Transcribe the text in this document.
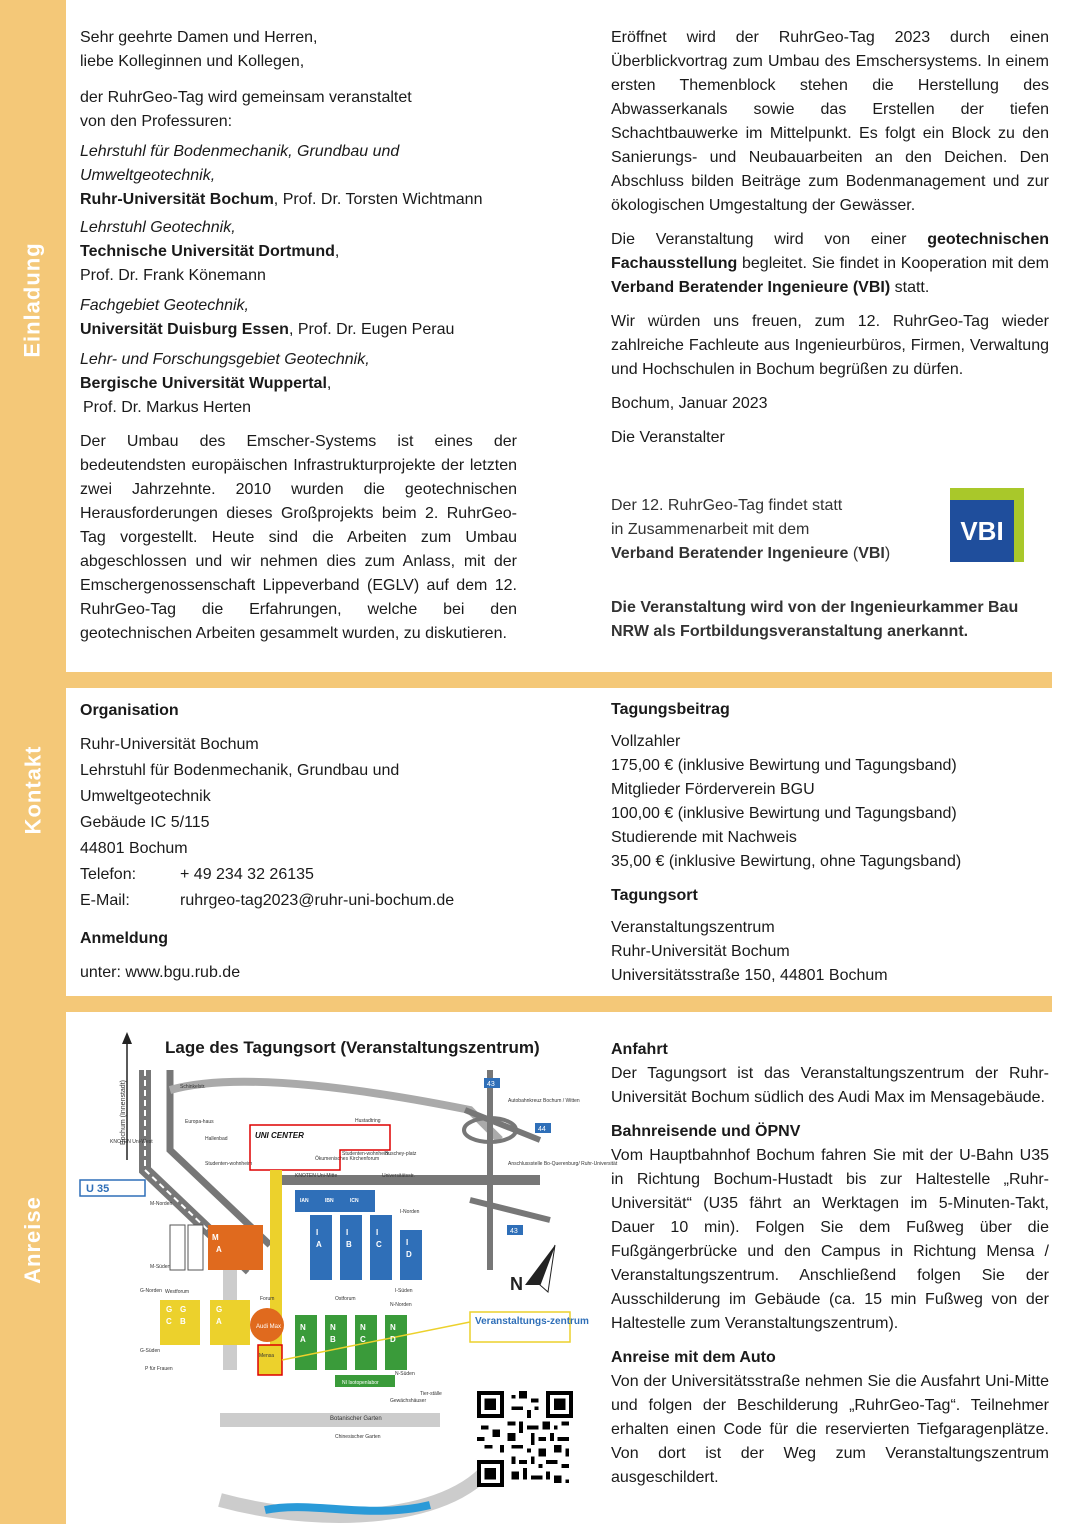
Einladung
Kontakt
Anreise

Sehr geehrte Damen und Herren,

liebe Kolleginnen und Kollegen,

der RuhrGeo-Tag wird gemeinsam veranstaltet

von den Professuren:

Lehrstuhl für Bodenmechanik, Grundbau und Umweltgeotechnik,

Ruhr-Universität Bochum, Prof. Dr. Torsten Wichtmann

Lehrstuhl Geotechnik,

Technische Universität Dortmund,

Prof. Dr. Frank Könemann

Fachgebiet Geotechnik,

Universität Duisburg Essen, Prof. Dr. Eugen Perau

Lehr- und Forschungsgebiet Geotechnik,

Bergische Universität Wuppertal,

Prof. Dr. Markus Herten

Der Umbau des Emscher-Systems ist eines der bedeutendsten europäischen Infrastrukturprojekte der letzten zwei Jahrzehnte. 2010 wurden die geotechnischen Herausforderungen dieses Großprojekts beim 2. RuhrGeo-Tag vorgestellt. Heute sind die Arbeiten zum Umbau abgeschlossen und wir nehmen dies zum Anlass, mit der Emschergenossenschaft Lippeverband (EGLV) auf dem 12. RuhrGeo-Tag die Erfahrungen, welche bei den geotechnischen Arbeiten gesammelt wurden, zu diskutieren.

Eröffnet wird der RuhrGeo-Tag 2023 durch einen Überblickvortrag zum Umbau des Emschersystems. In einem ersten Themenblock stehen die Herstellung des Abwasserkanals sowie das Erstellen der tiefen Schachtbauwerke im Mittelpunkt. Es folgt ein Block zu den Sanierungs- und Neubauarbeiten an den Deichen. Den Abschluss bilden Beiträge zum Bodenmanagement und zur ökologischen Umgestaltung der Gewässer.

Die Veranstaltung wird von einer geotechnischen Fachausstellung begleitet. Sie findet in Kooperation mit dem Verband Beratender Ingenieure (VBI) statt.

Wir würden uns freuen, zum 12. RuhrGeo-Tag wieder zahlreiche Fachleute aus Ingenieurbüros, Firmen, Verwaltung und Hochschulen in Bochum begrüßen zu dürfen.

Bochum, Januar 2023

Die Veranstalter

Der 12. RuhrGeo-Tag findet statt

in Zusammenarbeit mit dem

Verband Beratender Ingenieure (VBI)

VBI
Die Veranstaltung wird von der Ingenieurkammer Bau NRW als Fortbildungsveranstaltung anerkannt.

Organisation

Ruhr-Universität Bochum

Lehrstuhl für Bodenmechanik, Grundbau und

Umweltgeotechnik

Gebäude IC 5/115

44801 Bochum

Telefon:	+ 49 234 32 26135
E-Mail:	ruhrgeo-tag2023@ruhr-uni-bochum.de

Anmeldung

unter: www.bgu.rub.de

Tagungsbeitrag

Vollzahler

175,00 € (inklusive Bewirtung und Tagungsband)

Mitglieder Förderverein BGU

100,00 € (inklusive Bewirtung und Tagungsband)

Studierende mit Nachweis

35,00 € (inklusive Bewirtung, ohne Tagungsband)

Tagungsort

Veranstaltungszentrum

Ruhr-Universität Bochum

Universitätsstraße 150, 44801 Bochum

Lage des Tagungsort (Veranstaltungszentrum)
Bochum (Innenstadt)	43
44
43
Autobahnkreuz Bochum / Witten
Anschlussstelle Bo-Querenburg/ Ruhr-Universität
N
Schinkelstr.
Europa-haus
Hallenbad
KNOTEN Uni-West
Hustadtring
Ökumenisches Kirchenforum
Studenten-wohnheim
Buschey-platz
Studenten-wohnheim
KNOTEN Uni-Mitte	Universitätsstr.
UNI CENTER
U 35
Audi Max
Forum
Westforum
G-Norden
G-Süden
M-Norden
M-Süden
I-Norden
I-Süden
Ostforum
N-Norden
NI Isotopenlabor
N-Süden
Mensa
Veranstaltungs-zentrum
P für Frauen
Gewächshäuser
Tier-ställe
Botanischer Garten
Chinesischer Garten
U
T
C
Z
R
M
A
G
C
G
B
G
A
N
A
N
B
N
C
N
D
I
A
I
B
I
C	I
D
IAN	IBN	ICN

Anfahrt

Der Tagungsort ist das Veranstaltungszentrum der Ruhr-Universität Bochum südlich des Audi Max im Mensagebäude.

Bahnreisende und ÖPNV

Vom Hauptbahnhof Bochum fahren Sie mit der U-Bahn U35 in Richtung Bochum-Hustadt bis zur Haltestelle „Ruhr-Universität“ (U35 fährt an Werktagen im 5-Minuten-Takt, Dauer 10 min). Folgen Sie dem Fußweg über die Fußgängerbrücke und den Campus in Richtung Mensa / Veranstaltungszentrum. Anschließend folgen Sie der Ausschilderung im Gebäude (ca. 15 min Fußweg von der Haltestelle zum Veranstaltungszentrum).

Anreise mit dem Auto

Von der Universitätsstraße nehmen Sie die Ausfahrt Uni-Mitte und folgen der Beschilderung „RuhrGeo-Tag“. Teilnehmer erhalten einen Code für die reservierten Tiefgaragenplätze. Von dort ist der Weg zum Veranstaltungszentrum ausgeschildert.
